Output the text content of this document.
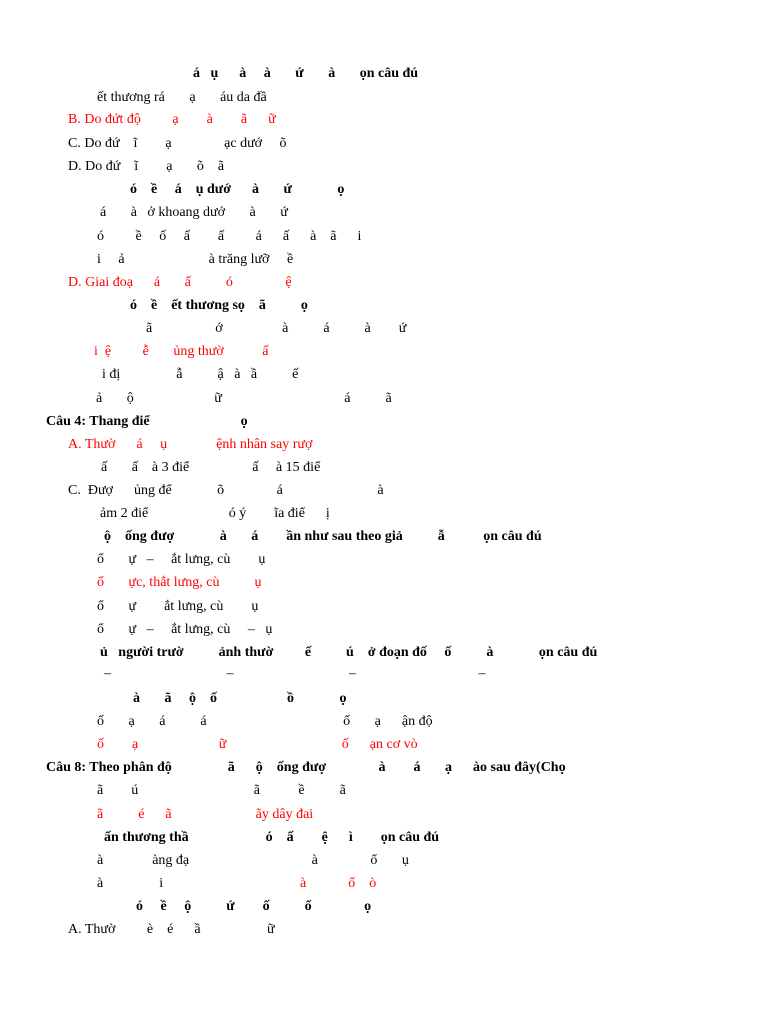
á   ụ      à     à       ứ       à       ọn câu đú
ết thương rá       ạ       áu da đầ
B. Do đứt độ         ạ        à        ã      ữ
C. Do đứ    ĩ        ạ               ạc dướ     õ
D. Do đứ    ĩ        ạ       õ    ã
ó    ề     á    ụ dướ      à       ứ             ọ
á       à   ở khoang dướ       à       ứ
ó         ề     ố     ấ        ấ         á      ấ      à    ã      i
i     ả                        à trăng lưỡ     ề
D. Giai đoạ      á       ấ          ó               ệ
ó    ề    ết thương sọ    ã          ọ
ã                  ớ                 à          á          à        ứ
i  ệ         ễ       ủng thườ           ấ
i đị                ẫ          ậ   à   ầ          ế
ả       ộ                       ữ                                   á          ã
Câu 4: Thang điể                          ọ
A. Thườ      á     ụ              ệnh nhân say rượ
ấ       ấ    à 3 điể                  ấ     à 15 điể
C.  Đượ      ủng để             õ               á                           à
ảm 2 điể                       ó ý        ĩa điể      ị
ộ    ống đượ             à       á        ần như sau theo giả          ẫ           ọn câu đú
ổ       ự   –     ắt lưng, cù        ụ
ổ       ực, thắt lưng, cù          ụ
ổ       ự        ắt lưng, cù        ụ
ổ       ự   –     ắt lưng, cù     –   ụ
ủ   người trườ          ảnh thườ         ế          ú    ở đoạn đố     ố          à             ọn câu đú
–                                 –                                 –                                   –
à       ã     ộ    ố                    ồ             ọ
ố       ạ       á          á                                       ố       ạ      ận độ
ố        ạ                       ữ                                 ố      ạn cơ vò
Câu 8: Theo phân độ                ã      ộ    ống đượ               à        á       ạ      ào sau đây(Chọ
ã        ú                                 ã           ề          ã
ã          é      ã                        ãy dây đai
ấn thương thầ                      ó    ấ        ệ      ì        ọn câu đú
à              àng đạ                                   à               ổ       ụ
à                i	à            ổ    ò
ó     ề     ộ          ứ        ố          ổ               ọ
A. Thườ         è    é      ầ                   ữ
